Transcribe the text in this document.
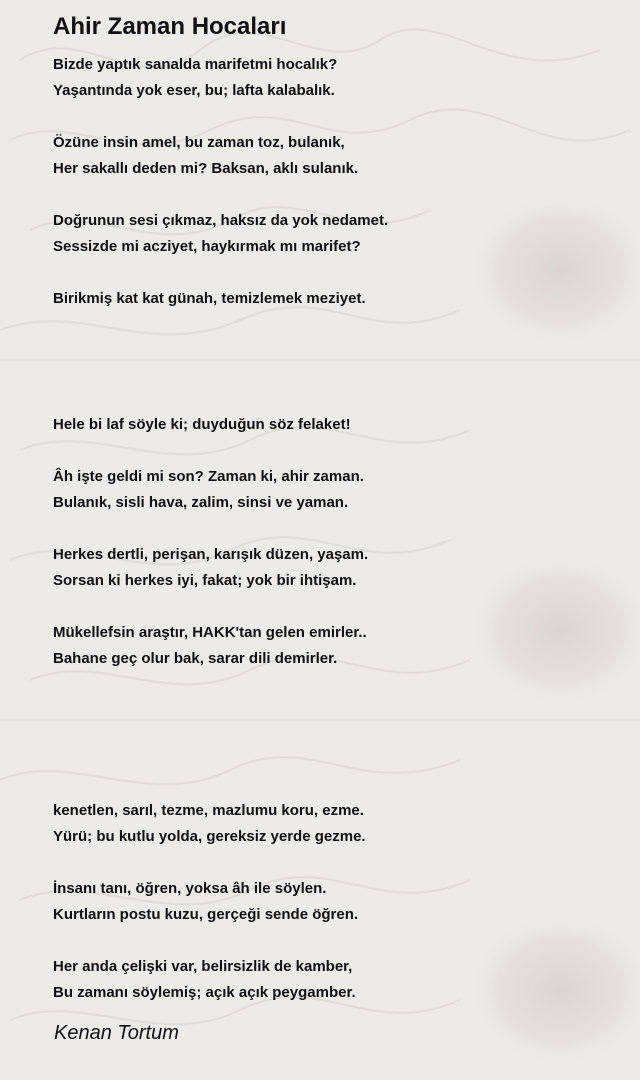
Ahir Zaman Hocaları

Bizde yaptık sanalda marifetmi hocalık?

Yaşantında yok eser, bu; lafta kalabalık.

Özüne insin amel, bu zaman toz, bulanık,

Her sakallı deden mi? Baksan, aklı sulanık.

Doğrunun sesi çıkmaz, haksız da yok nedamet.

Sessizde mi acziyet, haykırmak mı marifet?

Birikmiş kat kat günah, temizlemek meziyet.

Hele bi laf söyle ki; duyduğun söz felaket!

Âh işte geldi mi son? Zaman ki, ahir zaman.

Bulanık, sisli hava, zalim, sinsi ve yaman.

Herkes dertli, perişan, karışık düzen, yaşam.

Sorsan ki herkes iyi, fakat; yok bir ihtişam.

Mükellefsin araştır, HAKK'tan gelen emirler..

Bahane geç olur bak, sarar dili demirler.

kenetlen, sarıl, tezme, mazlumu koru, ezme.

Yürü; bu kutlu yolda, gereksiz yerde gezme.

İnsanı tanı, öğren, yoksa âh ile söylen.

Kurtların postu kuzu, gerçeği sende öğren.

Her anda çelişki var, belirsizlik de kamber,

Bu zamanı söylemiş; açık açık peygamber.

Kenan Tortum
